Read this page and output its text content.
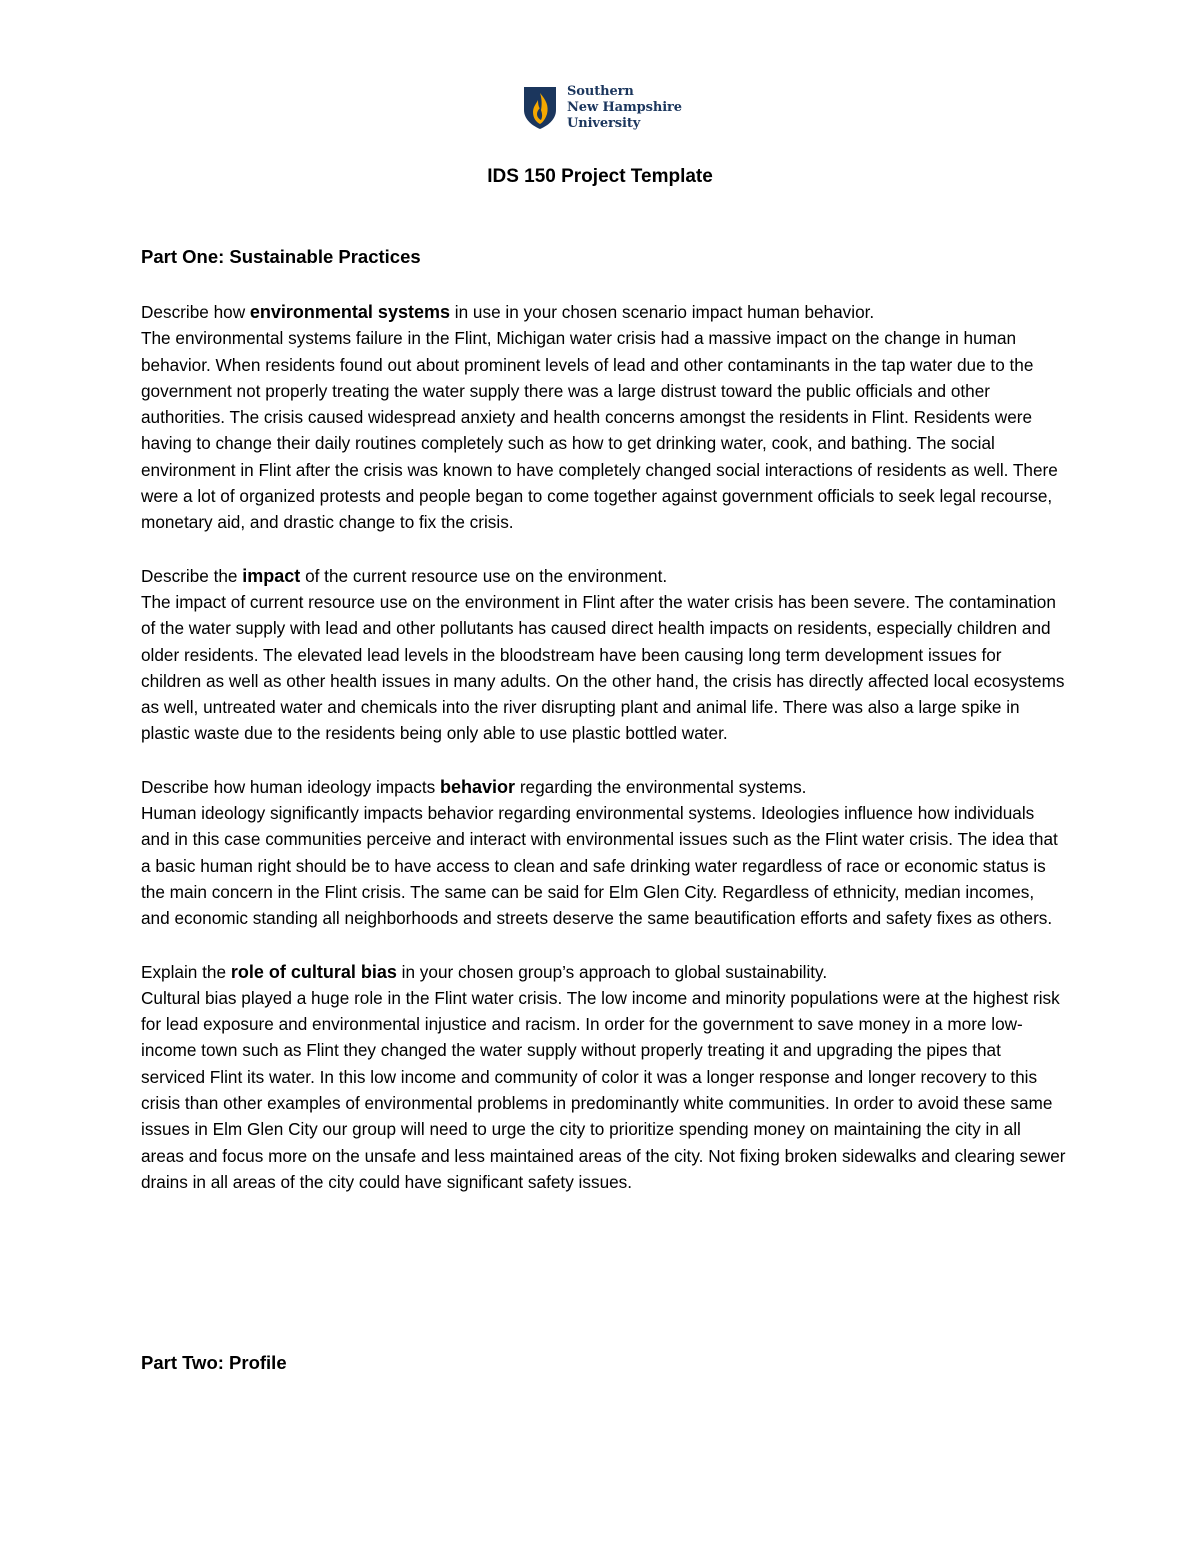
Southern
New Hampshire
University
IDS 150 Project Template

Part One: Sustainable Practices

Describe how environmental systems in use in your chosen scenario impact human behavior.

The environmental systems failure in the Flint, Michigan water crisis had a massive impact on the change in human behavior. When residents found out about prominent levels of lead and other contaminants in the tap water due to the government not properly treating the water supply there was a large distrust toward the public officials and other authorities. The crisis caused widespread anxiety and health concerns amongst the residents in Flint. Residents were having to change their daily routines completely such as how to get drinking water, cook, and bathing. The social environment in Flint after the crisis was known to have completely changed social interactions of residents as well. There were a lot of organized protests and people began to come together against government officials to seek legal recourse, monetary aid, and drastic change to fix the crisis.

Describe the impact of the current resource use on the environment.

The impact of current resource use on the environment in Flint after the water crisis has been severe. The contamination of the water supply with lead and other pollutants has caused direct health impacts on residents, especially children and older residents. The elevated lead levels in the bloodstream have been causing long term development issues for children as well as other health issues in many adults. On the other hand, the crisis has directly affected local ecosystems as well, untreated water and chemicals into the river disrupting plant and animal life. There was also a large spike in plastic waste due to the residents being only able to use plastic bottled water.

Describe how human ideology impacts behavior regarding the environmental systems.

Human ideology significantly impacts behavior regarding environmental systems. Ideologies influence how individuals and in this case communities perceive and interact with environmental issues such as the Flint water crisis. The idea that a basic human right should be to have access to clean and safe drinking water regardless of race or economic status is the main concern in the Flint crisis. The same can be said for Elm Glen City. Regardless of ethnicity, median incomes, and economic standing all neighborhoods and streets deserve the same beautification efforts and safety fixes as others.

Explain the role of cultural bias in your chosen group’s approach to global sustainability.

Cultural bias played a huge role in the Flint water crisis. The low income and minority populations were at the highest risk for lead exposure and environmental injustice and racism. In order for the government to save money in a more low-income town such as Flint they changed the water supply without properly treating it and upgrading the pipes that serviced Flint its water. In this low income and community of color it was a longer response and longer recovery to this crisis than other examples of environmental problems in predominantly white communities. In order to avoid these same issues in Elm Glen City our group will need to urge the city to prioritize spending money on maintaining the city in all areas and focus more on the unsafe and less maintained areas of the city. Not fixing broken sidewalks and clearing sewer drains in all areas of the city could have significant safety issues.

Part Two: Profile
